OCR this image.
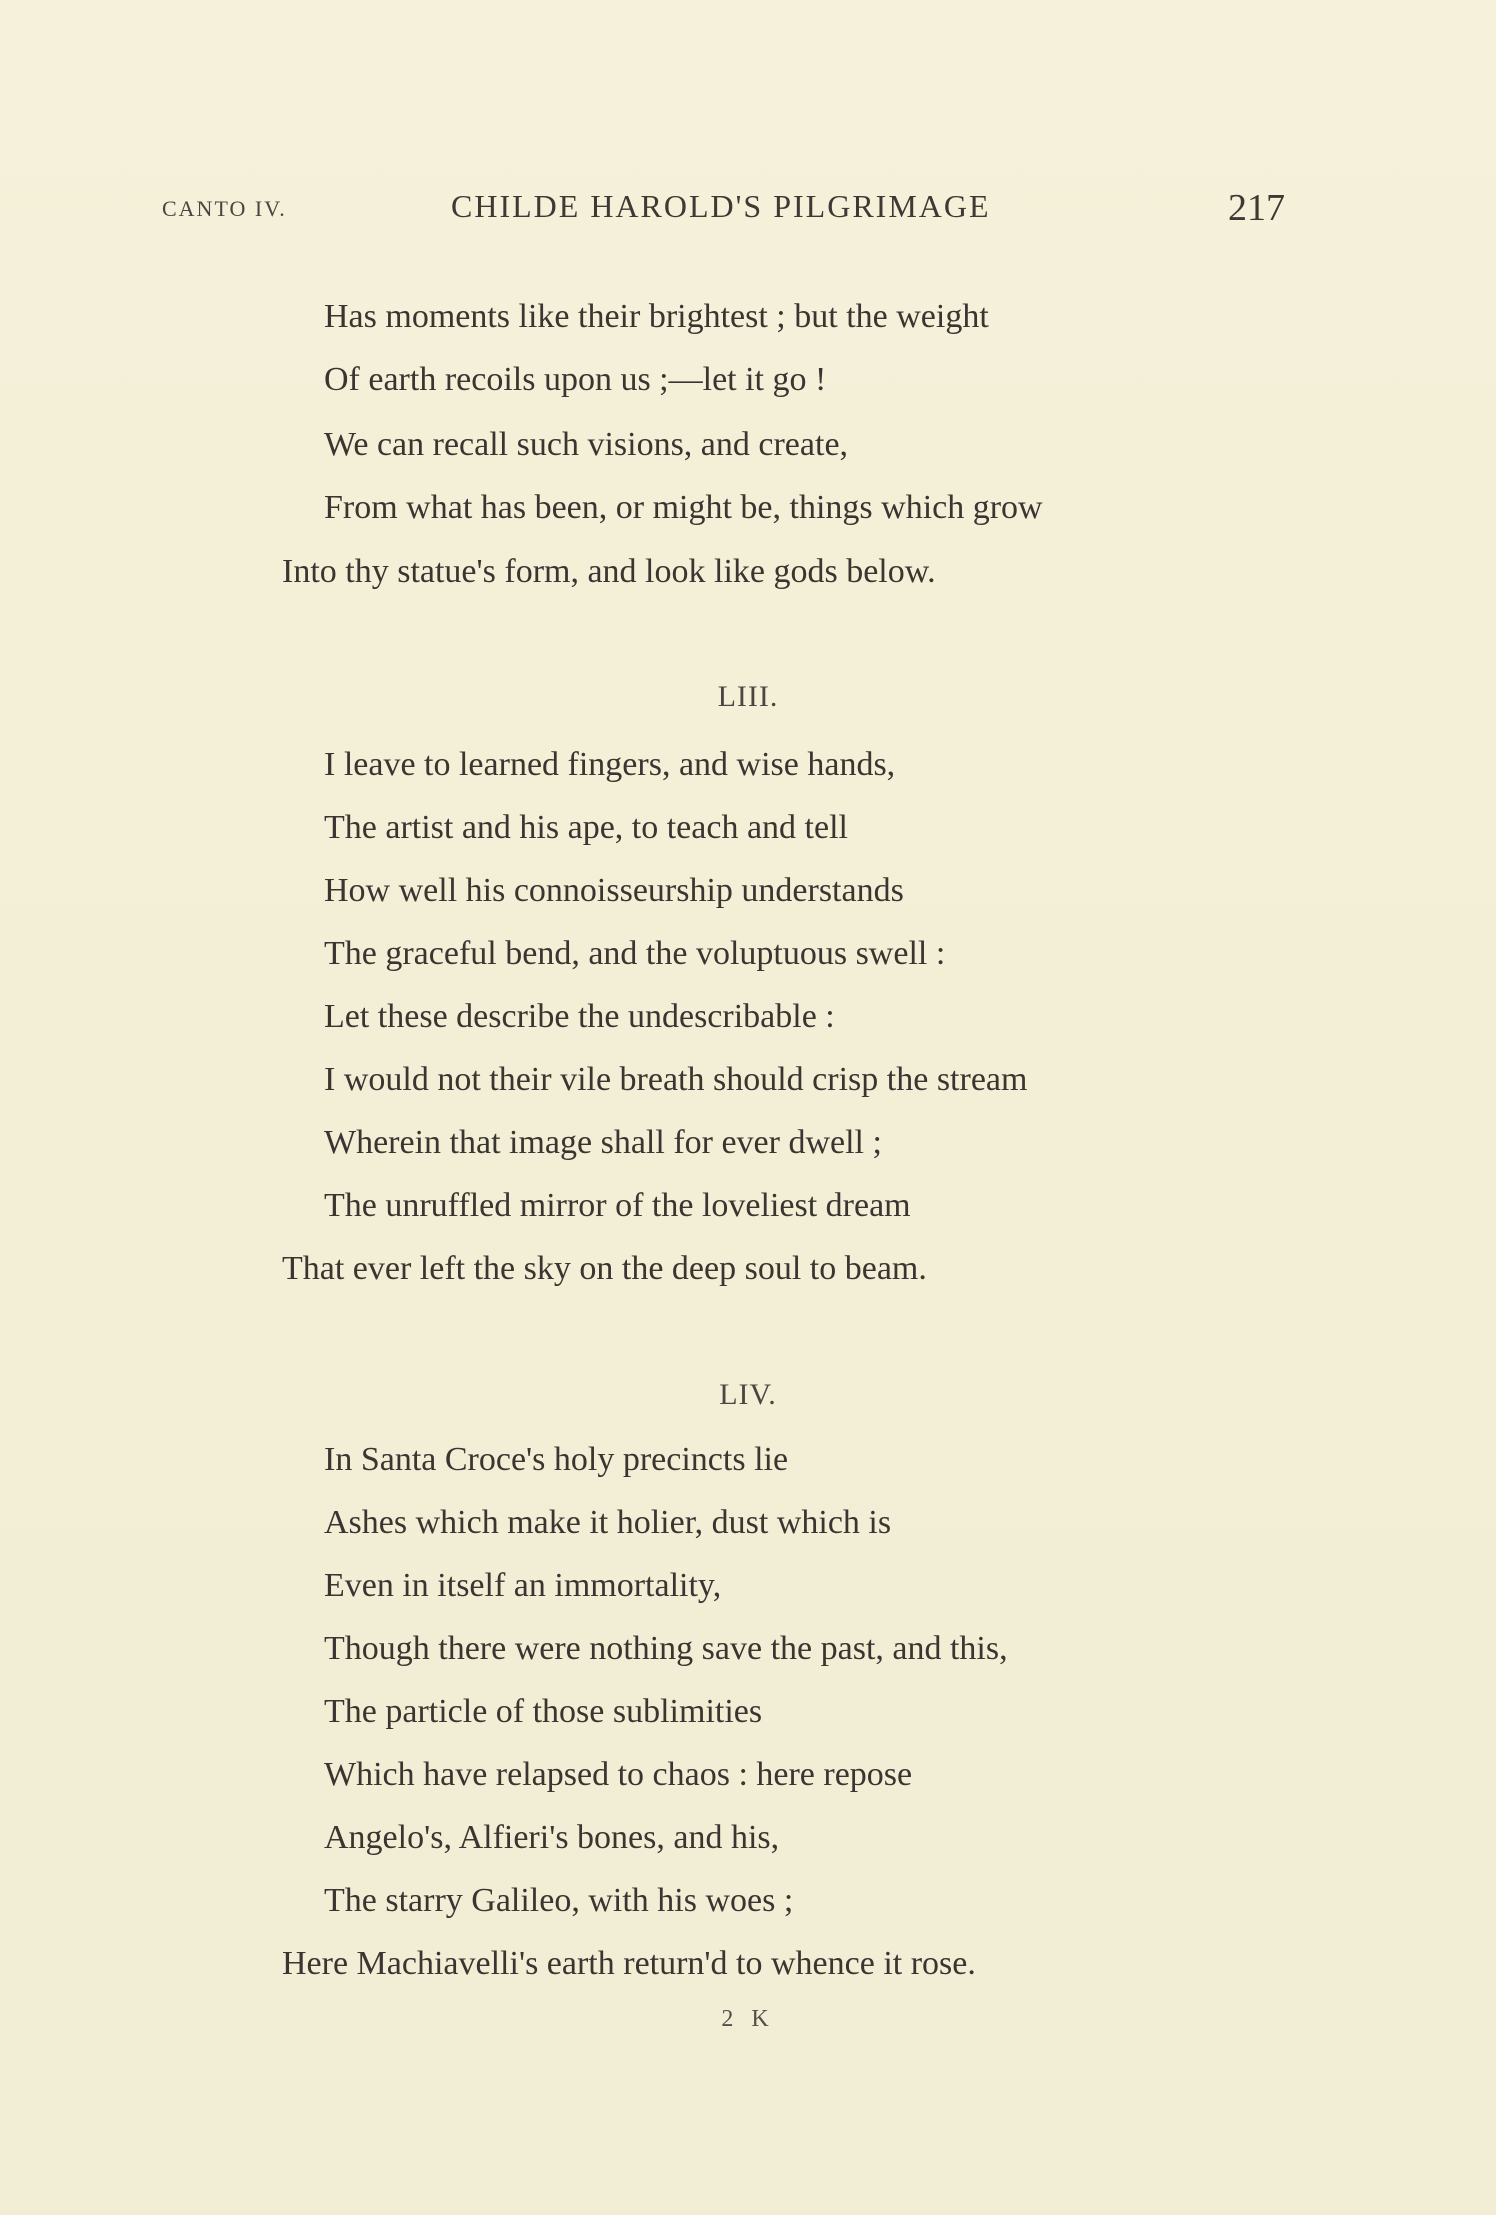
CANTO IV.	CHILDE HAROLD'S PILGRIMAGE	217
Has moments like their brightest ; but the weight
Of earth recoils upon us ;—let it go !
We can recall such visions, and create,
From what has been, or might be, things which grow
Into thy statue's form, and look like gods below.
LIII.
I leave to learned fingers, and wise hands,
The artist and his ape, to teach and tell
How well his connoisseurship understands
The graceful bend, and the voluptuous swell :
Let these describe the undescribable :
I would not their vile breath should crisp the stream
Wherein that image shall for ever dwell ;
The unruffled mirror of the loveliest dream
That ever left the sky on the deep soul to beam.
LIV.
In Santa Croce's holy precincts lie
Ashes which make it holier, dust which is
Even in itself an immortality,
Though there were nothing save the past, and this,
The particle of those sublimities
Which have relapsed to chaos : here repose
Angelo's, Alfieri's bones, and his,
The starry Galileo, with his woes ;
Here Machiavelli's earth return'd to whence it rose.
2 K
